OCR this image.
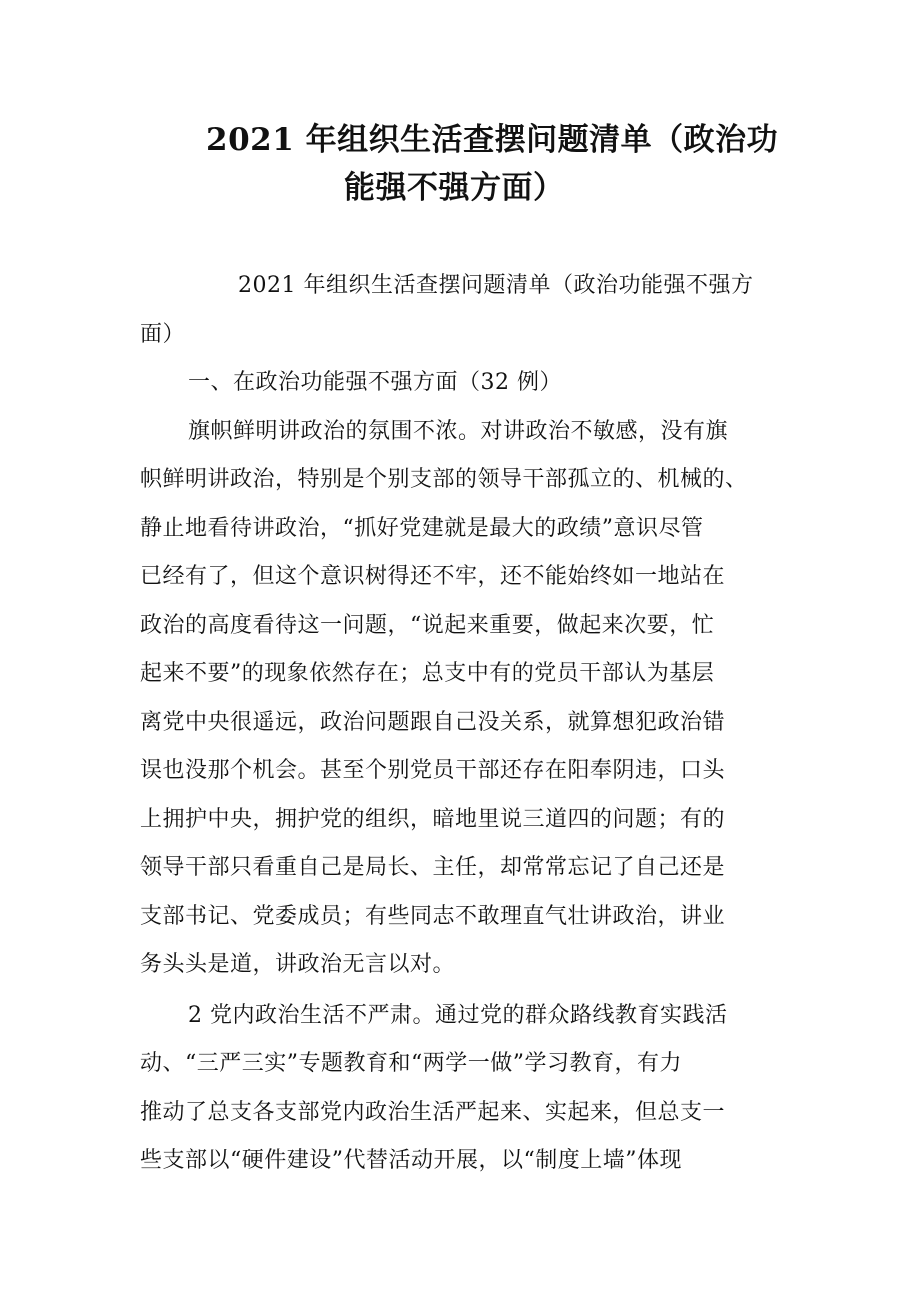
2021 年组织生活查摆问题清单（政治功
能强不强方面）
2021 年组织生活查摆问题清单（政治功能强不强方
面）
一、在政治功能强不强方面（32 例）
旗帜鲜明讲政治的氛围不浓。对讲政治不敏感，没有旗
帜鲜明讲政治，特别是个别支部的领导干部孤立的、机械的、
静止地看待讲政治，“抓好党建就是最大的政绩”意识尽管
已经有了，但这个意识树得还不牢，还不能始终如一地站在
政治的高度看待这一问题，“说起来重要，做起来次要，忙
起来不要”的现象依然存在；总支中有的党员干部认为基层
离党中央很遥远，政治问题跟自己没关系，就算想犯政治错
误也没那个机会。甚至个别党员干部还存在阳奉阴违，口头
上拥护中央，拥护党的组织，暗地里说三道四的问题；有的
领导干部只看重自己是局长、主任，却常常忘记了自己还是
支部书记、党委成员；有些同志不敢理直气壮讲政治，讲业
务头头是道，讲政治无言以对。
2 党内政治生活不严肃。通过党的群众路线教育实践活
动、“三严三实”专题教育和“两学一做”学习教育，有力
推动了总支各支部党内政治生活严起来、实起来，但总支一
些支部以“硬件建设”代替活动开展，以“制度上墙”体现
